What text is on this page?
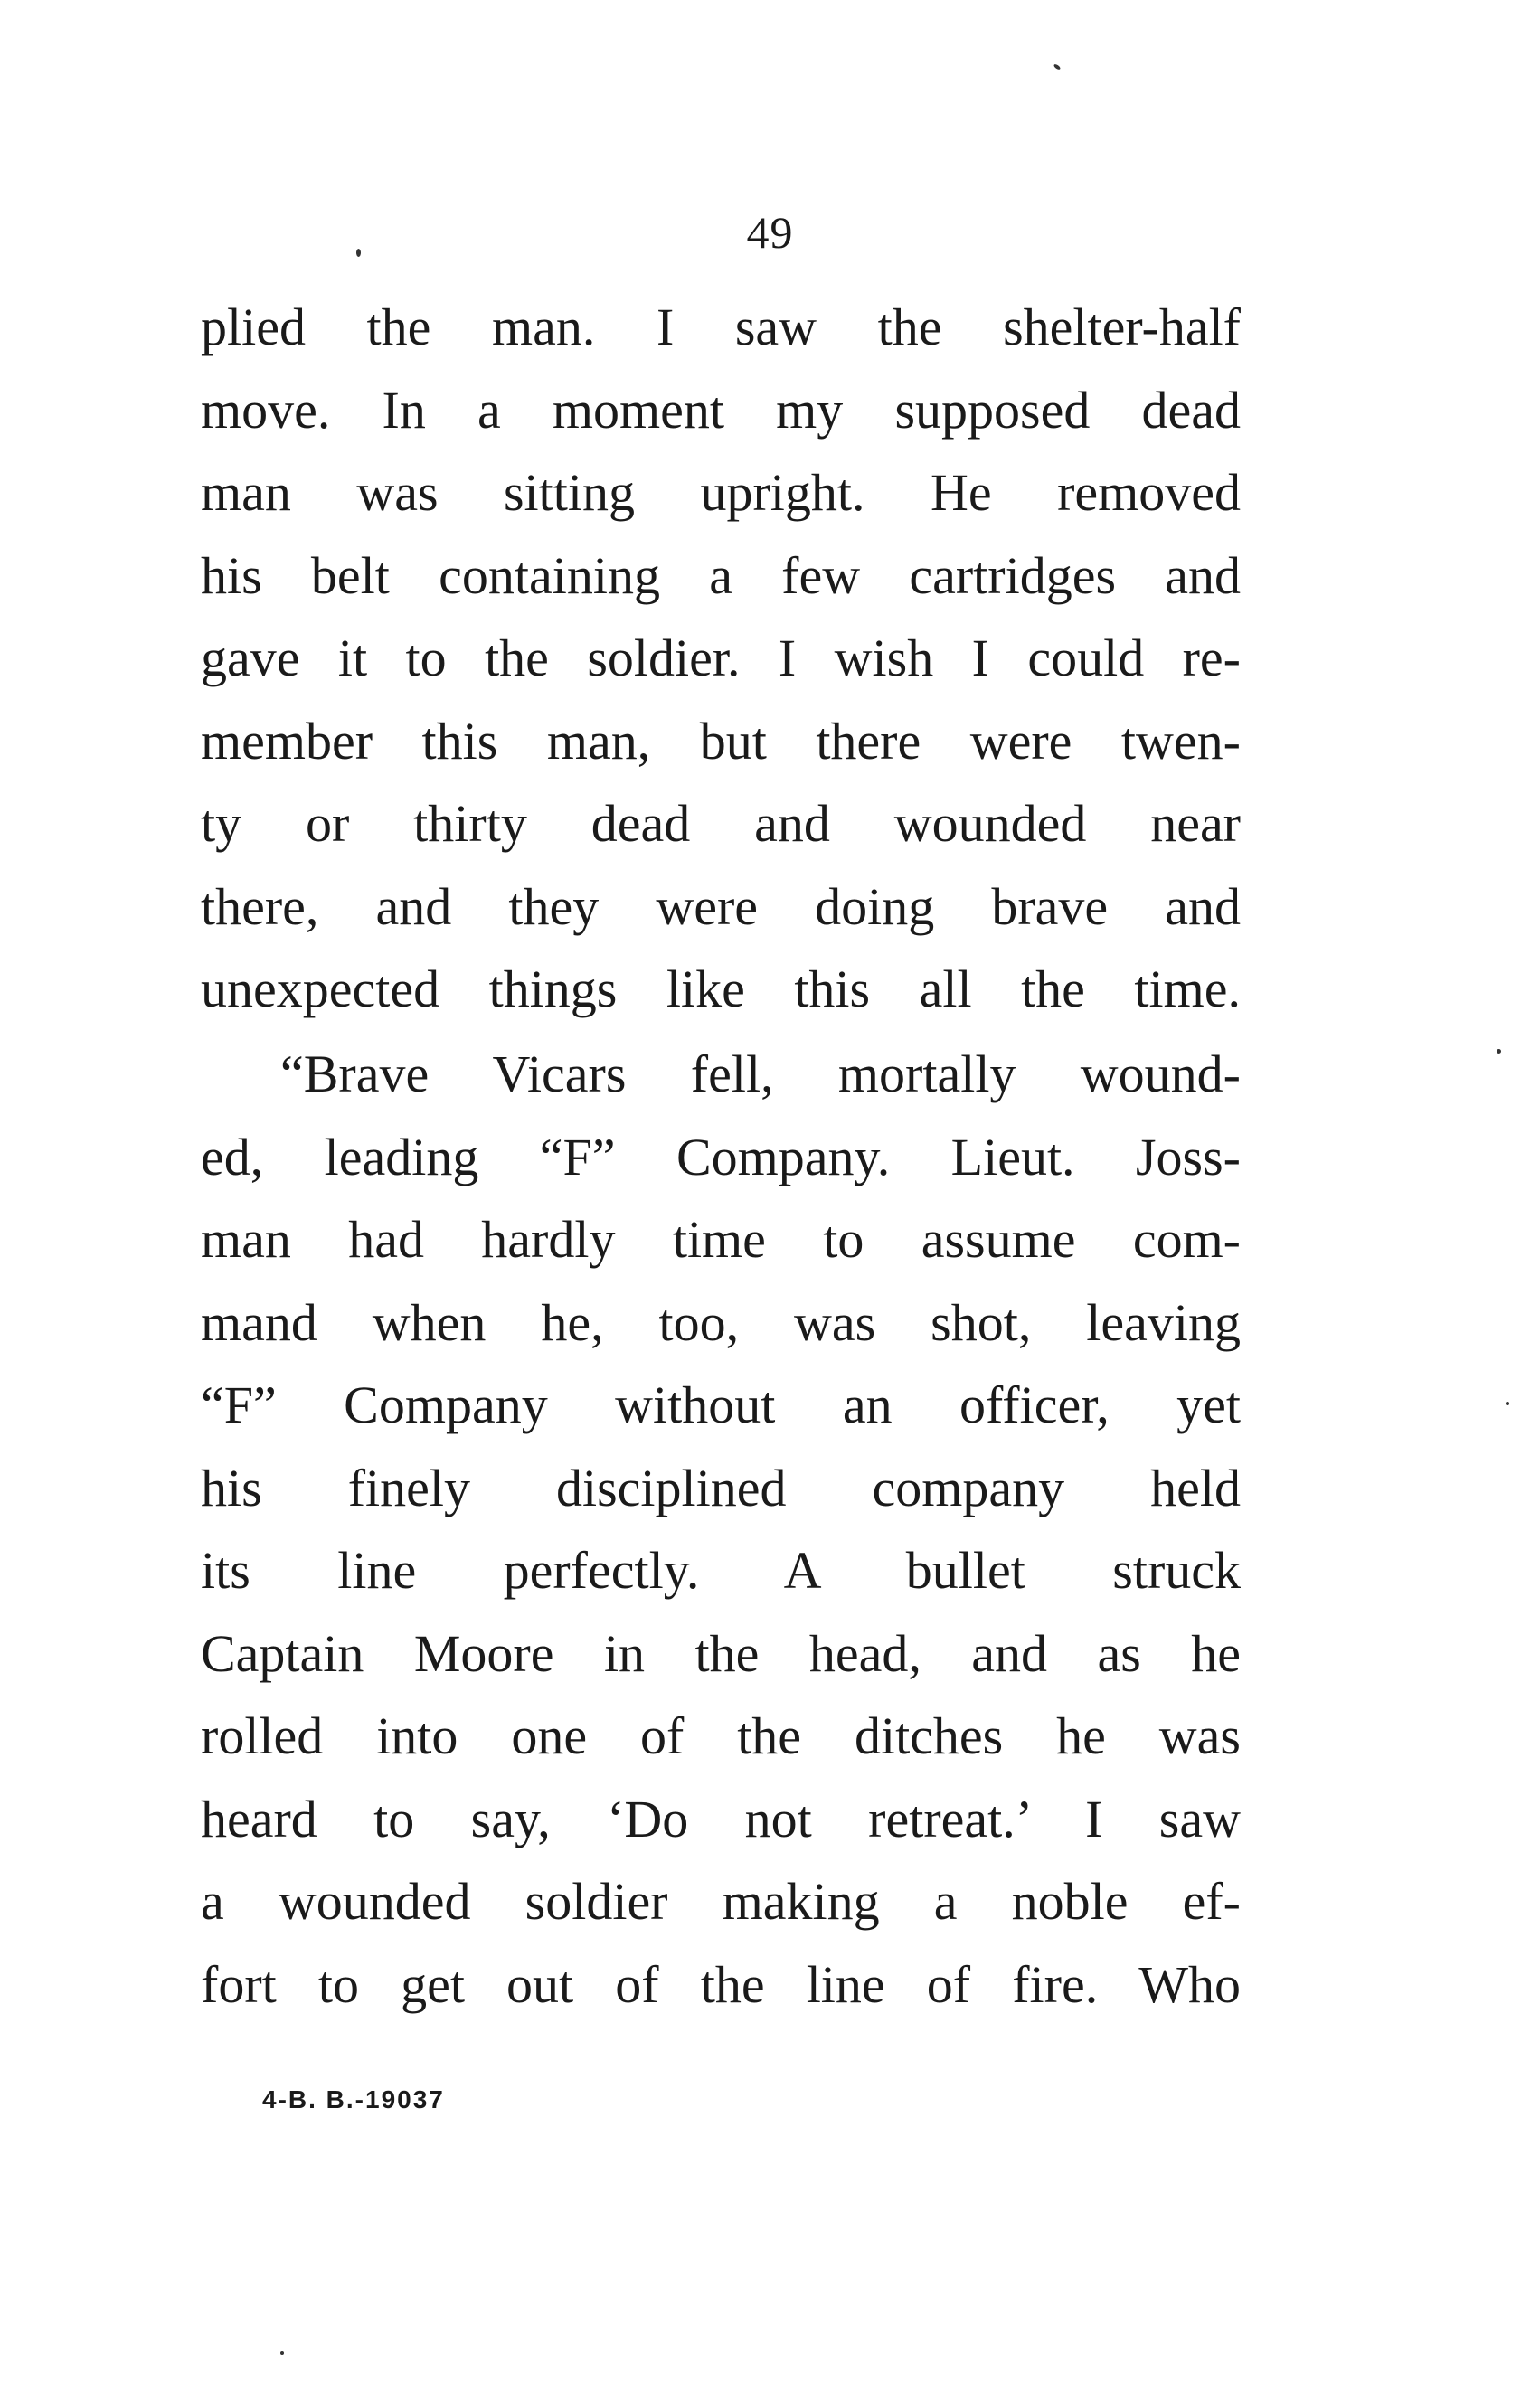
49
plied the man. I saw the shelter-half
move. In a moment my supposed dead
man was sitting upright. He removed
his belt containing a few cartridges and
gave it to the soldier. I wish I could re-
member this man, but there were twen-
ty or thirty dead and wounded near
there, and they were doing brave and
unexpected things like this all the time.
“Brave Vicars fell, mortally wound-
ed, leading “F” Company. Lieut. Joss-
man had hardly time to assume com-
mand when he, too, was shot, leaving
“F” Company without an officer, yet
his finely disciplined company held
its line perfectly. A bullet struck
Captain Moore in the head, and as he
rolled into one of the ditches he was
heard to say, ‘Do not retreat.’ I saw
a wounded soldier making a noble ef-
fort to get out of the line of fire. Who
4-B. B.-19037
